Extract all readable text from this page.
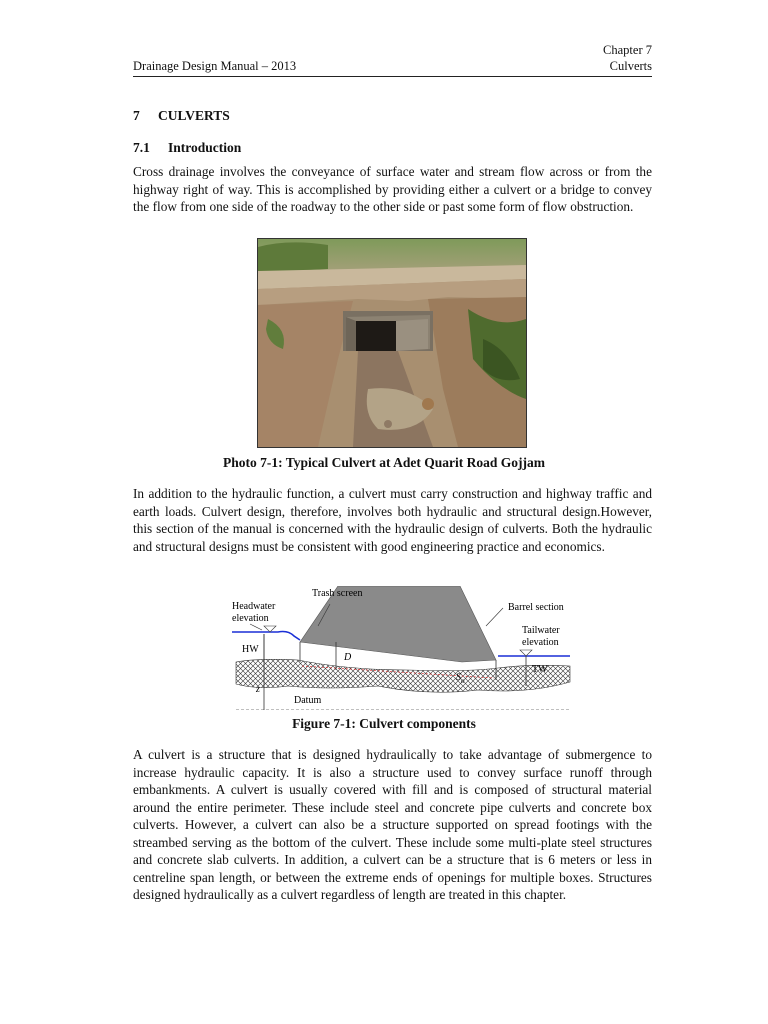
Chapter 7
Drainage Design Manual – 2013	Culverts
7 CULVERTS
7.1 Introduction

Cross drainage involves the conveyance of surface water and stream flow across or from the highway right of way. This is accomplished by providing either a culvert or a bridge to convey the flow from one side of the roadway to the other side or past some form of flow obstruction.

Photo 7-1: Typical Culvert at Adet Quarit Road Gojjam

In addition to the hydraulic function, a culvert must carry construction and highway traffic and earth loads. Culvert design, therefore, involves both hydraulic and structural design.However, this section of the manual is concerned with the hydraulic design of culverts. Both the hydraulic and structural designs must be consistent with good engineering practice and economics.

Trash screen
Headwater
elevation
Barrel section
Tailwater
elevation
HW
D
TW
$S_o$
z
Datum
Figure 7-1: Culvert components

A culvert is a structure that is designed hydraulically to take advantage of submergence to increase hydraulic capacity. It is also a structure used to convey surface runoff through embankments. A culvert is usually covered with fill and is composed of structural material around the entire perimeter. These include steel and concrete pipe culverts and concrete box culverts. However, a culvert can also be a structure supported on spread footings with the streambed serving as the bottom of the culvert. These include some multi-plate steel structures and concrete slab culverts. In addition, a culvert can be a structure that is 6 meters or less in centreline span length, or between the extreme ends of openings for multiple boxes. Structures designed hydraulically as a culvert regardless of length are treated in this chapter.
